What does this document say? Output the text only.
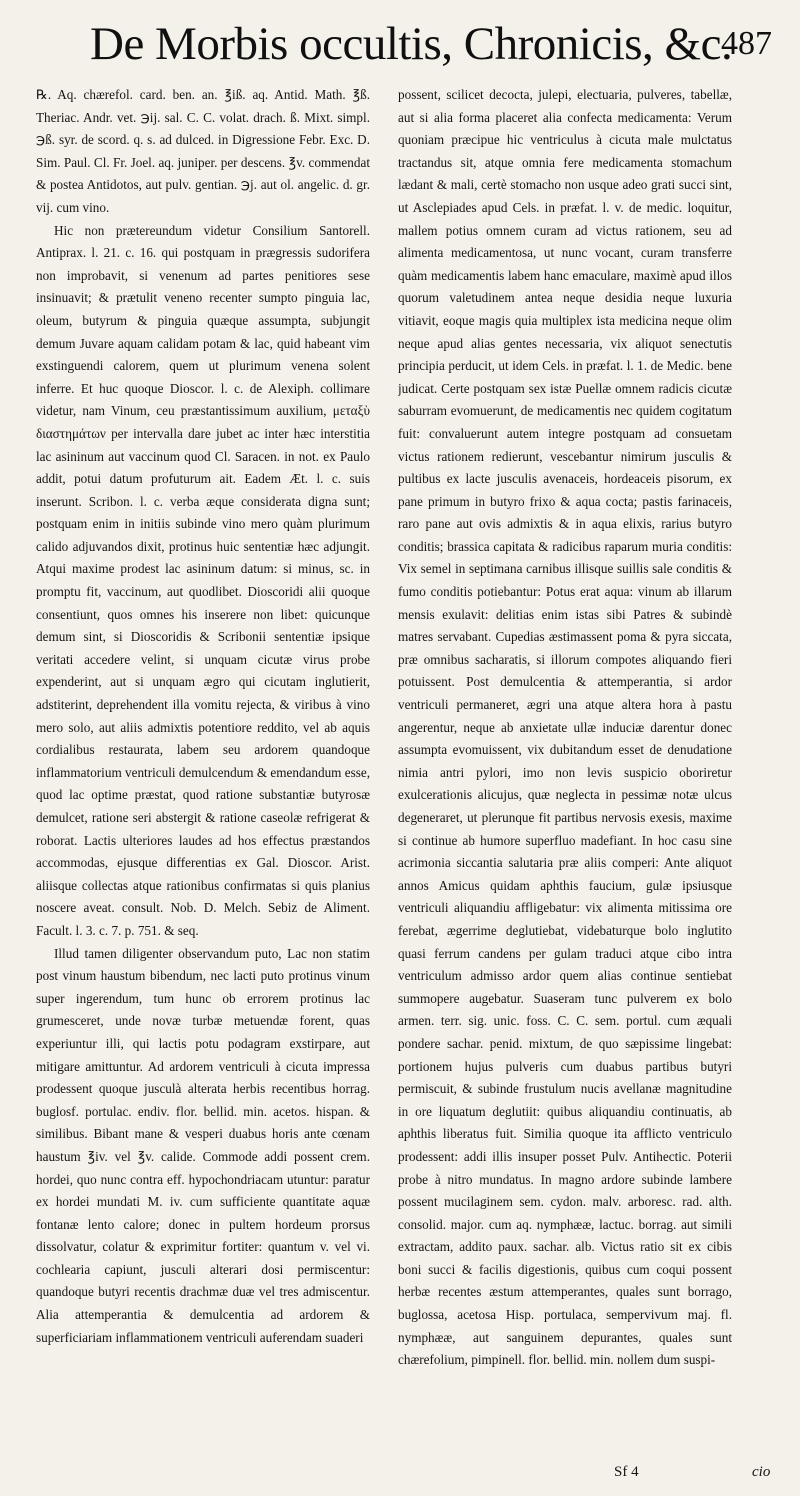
De Morbis occultis, Chronicis, &c.
487

℞. Aq. chærefol. card. ben. an. ℥iß. aq. Antid. Math. ℥ß. Theriac. Andr. vet. ℈ij. sal. C. C. volat. drach. ß. Mixt. simpl. ℈ß. syr. de scord. q. s. ad dulced. in Digressione Febr. Exc. D. Sim. Paul. Cl. Fr. Joel. aq. juniper. per descens. ℥v. commendat & postea Antidotos, aut pulv. gentian. ℈j. aut ol. angelic. d. gr. vij. cum vino.

Hic non prætereundum videtur Consilium Santorell. Antiprax. l. 21. c. 16. qui postquam in prægressis sudorifera non improbavit, si venenum ad partes penitiores sese insinuavit; & prætulit veneno recenter sumpto pinguia lac, oleum, butyrum & pinguia quæque assumpta, subjungit demum Juvare aquam calidam potam & lac, quid habeant vim exstinguendi calorem, quem ut plurimum venena solent inferre. Et huc quoque Dioscor. l. c. de Alexiph. collimare videtur, nam Vinum, ceu præstantissimum auxilium, μεταξὺ διαστημάτων per intervalla dare jubet ac inter hæc interstitia lac asininum aut vaccinum quod Cl. Saracen. in not. ex Paulo addit, potui datum profuturum ait. Eadem Æt. l. c. suis inserunt. Scribon. l. c. verba æque considerata digna sunt; postquam enim in initiis subinde vino mero quàm plurimum calido adjuvandos dixit, protinus huic sententiæ hæc adjungit. Atqui maxime prodest lac asininum datum: si minus, sc. in promptu fit, vaccinum, aut quodlibet. Dioscoridi alii quoque consentiunt, quos omnes his inserere non libet: quicunque demum sint, si Dioscoridis & Scribonii sententiæ ipsique veritati accedere velint, si unquam cicutæ virus probe expenderint, aut si unquam ægro qui cicutam inglutierit, adstiterint, deprehendent illa vomitu rejecta, & viribus à vino mero solo, aut aliis admixtis potentiore reddito, vel ab aquis cordialibus restaurata, labem seu ardorem quandoque inflammatorium ventriculi demulcendum & emendandum esse, quod lac optime præstat, quod ratione substantiæ butyrosæ demulcet, ratione seri abstergit & ratione caseolæ refrigerat & roborat. Lactis ulteriores laudes ad hos effectus præstandos accommodas, ejusque differentias ex Gal. Dioscor. Arist. aliisque collectas atque rationibus confirmatas si quis planius noscere aveat. consult. Nob. D. Melch. Sebiz de Aliment. Facult. l. 3. c. 7. p. 751. & seq.

Illud tamen diligenter observandum puto, Lac non statim post vinum haustum bibendum, nec lacti puto protinus vinum super ingerendum, tum hunc ob errorem protinus lac grumesceret, unde novæ turbæ metuendæ forent, quas experiuntur illi, qui lactis potu podagram exstirpare, aut mitigare amittuntur. Ad ardorem ventriculi à cicuta impressa prodessent quoque jusculà alterata herbis recentibus horrag. buglosf. portulac. endiv. flor. bellid. min. acetos. hispan. & similibus. Bibant mane & vesperi duabus horis ante cœnam haustum ℥iv. vel ℥v. calide. Commode addi possent crem. hordei, quo nunc contra eff. hypochondriacam utuntur: paratur ex hordei mundati M. iv. cum sufficiente quantitate aquæ fontanæ lento calore; donec in pultem hordeum prorsus dissolvatur, colatur & exprimitur fortiter: quantum v. vel vi. cochlearia capiunt, jusculi alterari dosi permiscentur: quandoque butyri recentis drachmæ duæ vel tres admiscentur. Alia attemperantia & demulcentia ad ardorem & superficiariam inflammationem ventriculi auferendam suaderi

possent, scilicet decocta, julepi, electuaria, pulveres, tabellæ, aut si alia forma placeret alia confecta medicamenta: Verum quoniam præcipue hic ventriculus à cicuta male mulctatus tractandus sit, atque omnia fere medicamenta stomachum lædant & mali, certè stomacho non usque adeo grati succi sint, ut Asclepiades apud Cels. in præfat. l. v. de medic. loquitur, mallem potius omnem curam ad victus rationem, seu ad alimenta medicamentosa, ut nunc vocant, curam transferre quàm medicamentis labem hanc emaculare, maximè apud illos quorum valetudinem antea neque desidia neque luxuria vitiavit, eoque magis quia multiplex ista medicina neque olim neque apud alias gentes necessaria, vix aliquot senectutis principia perducit, ut idem Cels. in præfat. l. 1. de Medic. bene judicat. Certe postquam sex istæ Puellæ omnem radicis cicutæ saburram evomuerunt, de medicamentis nec quidem cogitatum fuit: convaluerunt autem integre postquam ad consuetam victus rationem redierunt, vescebantur nimirum jusculis & pultibus ex lacte jusculis avenaceis, hordeaceis pisorum, ex pane primum in butyro frixo & aqua cocta; pastis farinaceis, raro pane aut ovis admixtis & in aqua elixis, rarius butyro conditis; brassica capitata & radicibus raparum muria conditis: Vix semel in septimana carnibus illisque suillis sale conditis & fumo conditis potiebantur: Potus erat aqua: vinum ab illarum mensis exulavit: delitias enim istas sibi Patres & subindè matres servabant. Cupedias æstimassent poma & pyra siccata, præ omnibus sacharatis, si illorum compotes aliquando fieri potuissent. Post demulcentia & attemperantia, si ardor ventriculi permaneret, ægri una atque altera hora à pastu angerentur, neque ab anxietate ullæ induciæ darentur donec assumpta evomuissent, vix dubitandum esset de denudatione nimia antri pylori, imo non levis suspicio oboriretur exulcerationis alicujus, quæ neglecta in pessimæ notæ ulcus degeneraret, ut plerunque fit partibus nervosis exesis, maxime si continue ab humore superfluo madefiant. In hoc casu sine acrimonia siccantia salutaria præ aliis comperi: Ante aliquot annos Amicus quidam aphthis faucium, gulæ ipsiusque ventriculi aliquandiu affligebatur: vix alimenta mitissima ore ferebat, ægerrime deglutiebat, videbaturque bolo inglutito quasi ferrum candens per gulam traduci atque cibo intra ventriculum admisso ardor quem alias continue sentiebat summopere augebatur. Suaseram tunc pulverem ex bolo armen. terr. sig. unic. foss. C. C. sem. portul. cum æquali pondere sachar. penid. mixtum, de quo sæpissime lingebat: portionem hujus pulveris cum duabus partibus butyri permiscuit, & subinde frustulum nucis avellanæ magnitudine in ore liquatum deglutiit: quibus aliquandiu continuatis, ab aphthis liberatus fuit. Similia quoque ita afflicto ventriculo prodessent: addi illis insuper posset Pulv. Antihectic. Poterii probe à nitro mundatus. In magno ardore subinde lambere possent mucilaginem sem. cydon. malv. arboresc. rad. alth. consolid. major. cum aq. nymphææ, lactuc. borrag. aut simili extractam, addito paux. sachar. alb. Victus ratio sit ex cibis boni succi & facilis digestionis, quibus cum coqui possent herbæ recentes æstum attemperantes, quales sunt borrago, buglossa, acetosa Hisp. portulaca, sempervivum maj. fl. nymphææ, aut sanguinem depurantes, quales sunt chærefolium, pimpinell. flor. bellid. min. nollem dum suspi-

Sf 4	cio
